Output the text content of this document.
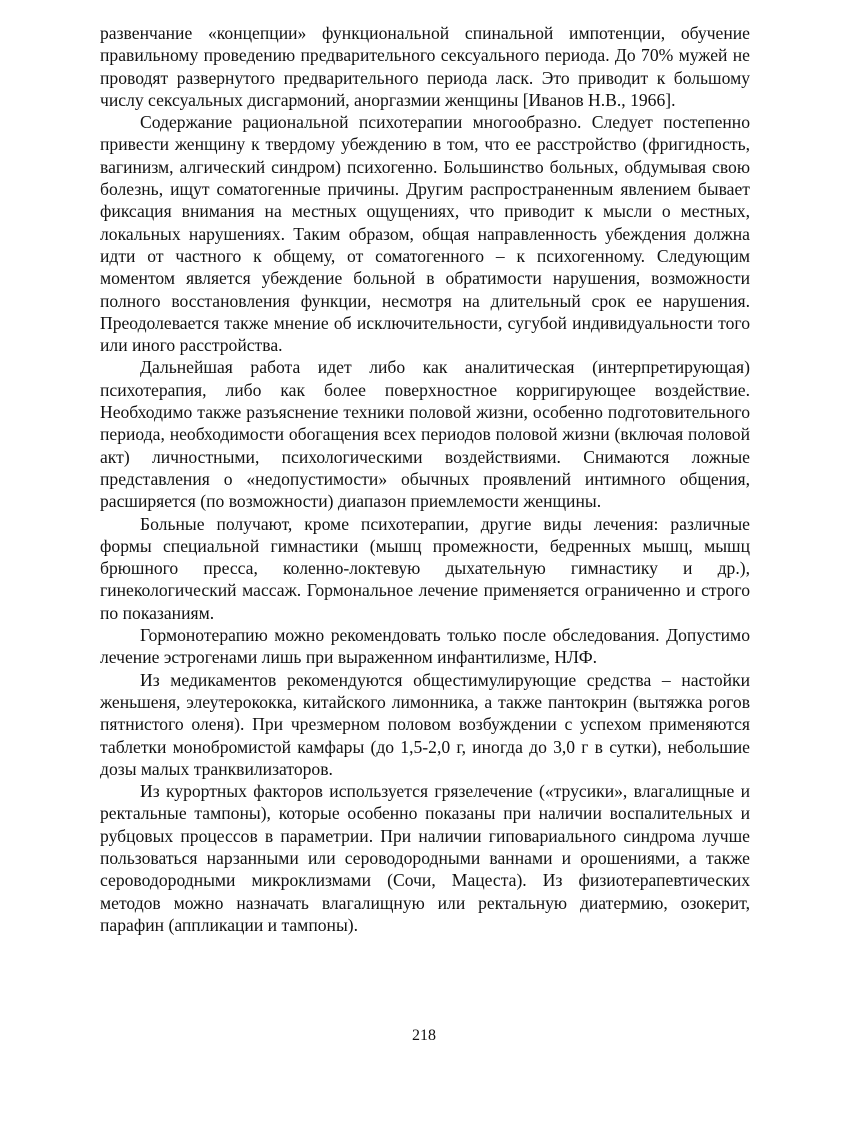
развенчание «концепции» функциональной спинальной импотенции, обучение правильному проведению предварительного сексуального периода. До 70% мужей не проводят развернутого предварительного периода ласк. Это приводит к большому числу сексуальных дисгармоний, аноргазмии женщины [Иванов Н.В., 1966].

Содержание рациональной психотерапии многообразно. Следует постепенно привести женщину к твердому убеждению в том, что ее расстройство (фригидность, вагинизм, алгический синдром) психогенно. Большинство больных, обдумывая свою болезнь, ищут соматогенные причины. Другим распространенным явлением бывает фиксация внимания на местных ощущениях, что приводит к мысли о местных, локальных нарушениях. Таким образом, общая направленность убеждения должна идти от частного к общему, от соматогенного – к психогенному. Следующим моментом является убеждение больной в обратимости нарушения, возможности полного восстановления функции, несмотря на длительный срок ее нарушения. Преодолевается также мнение об исключительности, сугубой индивидуальности того или иного расстройства.

Дальнейшая работа идет либо как аналитическая (интерпретирующая) психотерапия, либо как более поверхностное корригирующее воздействие. Необходимо также разъяснение техники половой жизни, особенно подготовительного периода, необходимости обогащения всех периодов половой жизни (включая половой акт) личностными, психологическими воздействиями. Снимаются ложные представления о «недопустимости» обычных проявлений интимного общения, расширяется (по возможности) диапазон приемлемости женщины.

Больные получают, кроме психотерапии, другие виды лечения: различные формы специальной гимнастики (мышц промежности, бедренных мышц, мышц брюшного пресса, коленно-локтевую дыхательную гимнастику и др.), гинекологический массаж. Гормональное лечение применяется ограниченно и строго по показаниям.

Гормонотерапию можно рекомендовать только после обследования. Допустимо лечение эстрогенами лишь при выраженном инфантилизме, НЛФ.

Из медикаментов рекомендуются общестимулирующие средства – настойки женьшеня, элеутерококка, китайского лимонника, а также пантокрин (вытяжка рогов пятнистого оленя). При чрезмерном половом возбуждении с успехом применяются таблетки монобромистой камфары (до 1,5-2,0 г, иногда до 3,0 г в сутки), небольшие дозы малых транквилизаторов.

Из курортных факторов используется грязелечение («трусики», влагалищные и ректальные тампоны), которые особенно показаны при наличии воспалительных и рубцовых процессов в параметрии. При наличии гиповариального синдрома лучше пользоваться нарзанными или сероводородными ваннами и орошениями, а также сероводородными микроклизмами (Сочи, Мацеста). Из физиотерапевтических методов можно назначать влагалищную или ректальную диатермию, озокерит, парафин (аппликации и тампоны).

218
